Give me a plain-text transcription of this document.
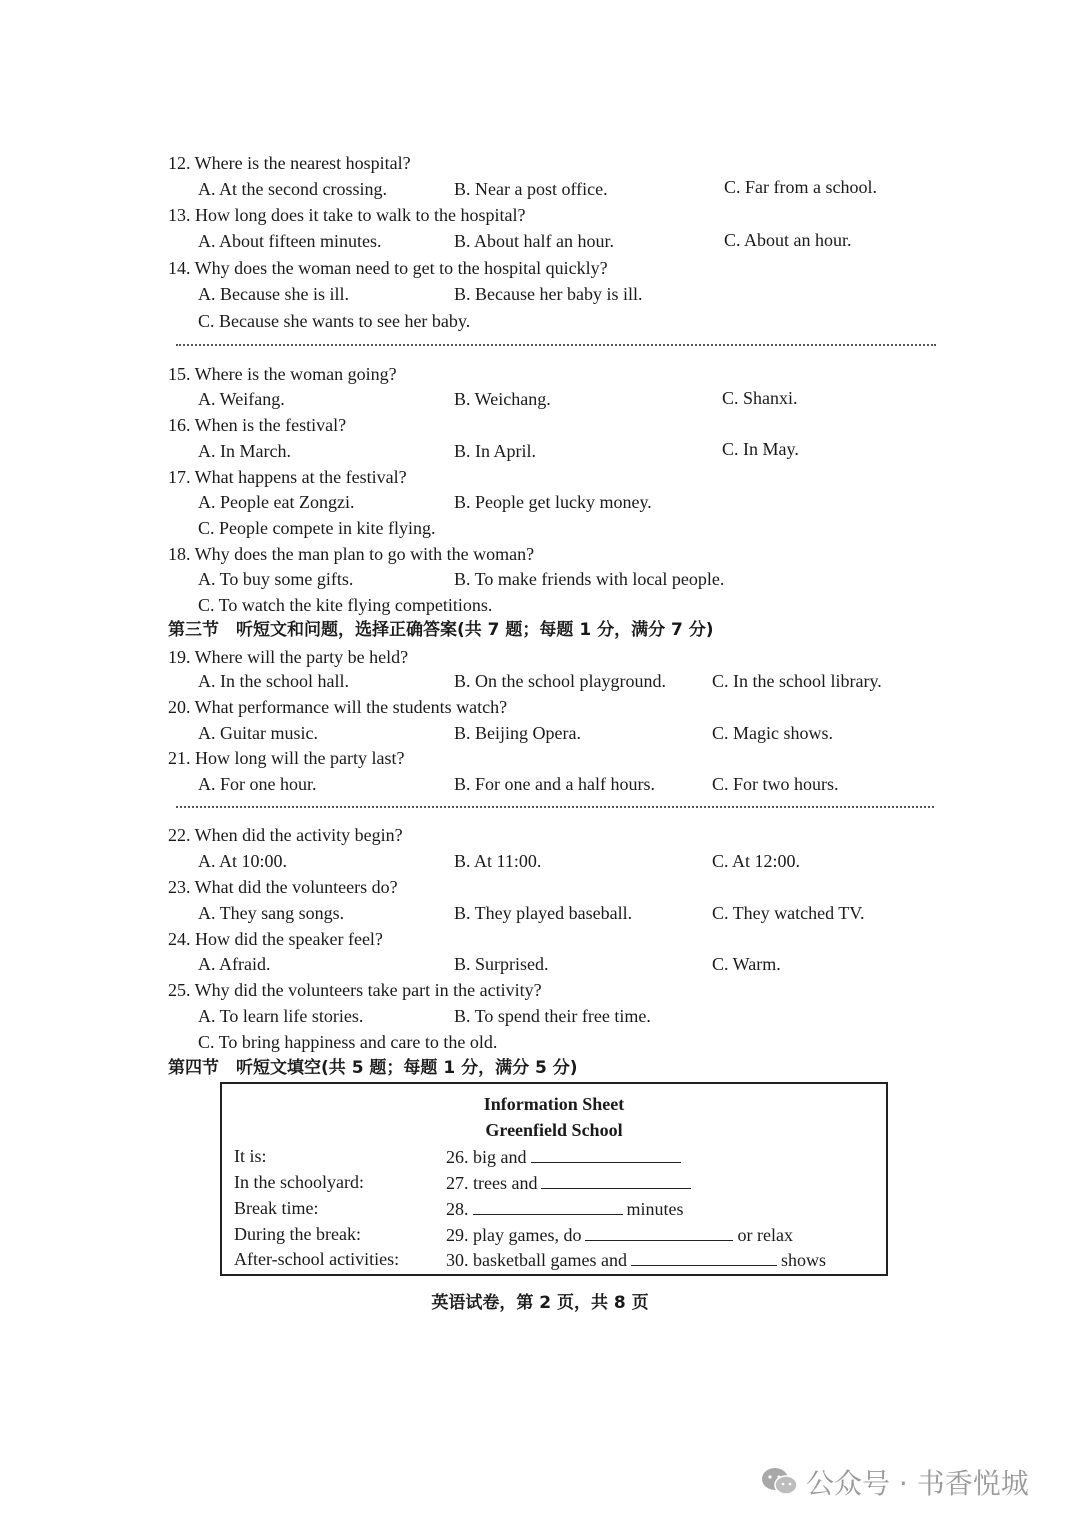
12. Where is the nearest hospital?
A. At the second crossing.	B. Near a post office.	C. Far from a school.
13. How long does it take to walk to the hospital?
A. About fifteen minutes.	B. About half an hour.	C. About an hour.
14. Why does the woman need to get to the hospital quickly?
A. Because she is ill.	B. Because her baby is ill.
C. Because she wants to see her baby.
15. Where is the woman going?
A. Weifang.	B. Weichang.	C. Shanxi.
16. When is the festival?
A. In March.	B. In April.	C. In May.
17. What happens at the festival?
A. People eat Zongzi.	B. People get lucky money.
C. People compete in kite flying.
18. Why does the man plan to go with the woman?
A. To buy some gifts.	B. To make friends with local people.
C. To watch the kite flying competitions.
第三节　听短文和问题，选择正确答案(共 7 题；每题 1 分，满分 7 分)
19. Where will the party be held?
A. In the school hall.	B. On the school playground.	C. In the school library.
20. What performance will the students watch?
A. Guitar music.	B. Beijing Opera.	C. Magic shows.
21. How long will the party last?
A. For one hour.	B. For one and a half hours.	C. For two hours.
22. When did the activity begin?
A. At 10:00.	B. At 11:00.	C. At 12:00.
23. What did the volunteers do?
A. They sang songs.	B. They played baseball.	C. They watched TV.
24. How did the speaker feel?
A. Afraid.	B. Surprised.	C. Warm.
25. Why did the volunteers take part in the activity?
A. To learn life stories.	B. To spend their free time.
C. To bring happiness and care to the old.
第四节　听短文填空(共 5 题；每题 1 分，满分 5 分)
Information Sheet
Greenfield School
It is:	26. big and
In the schoolyard:	27. trees and
Break time:	28.	minutes
During the break:	29. play games, do	or relax
After-school activities:	30. basketball games and	shows
英语试卷，第 2 页，共 8 页
公众号 · 书香悦城
